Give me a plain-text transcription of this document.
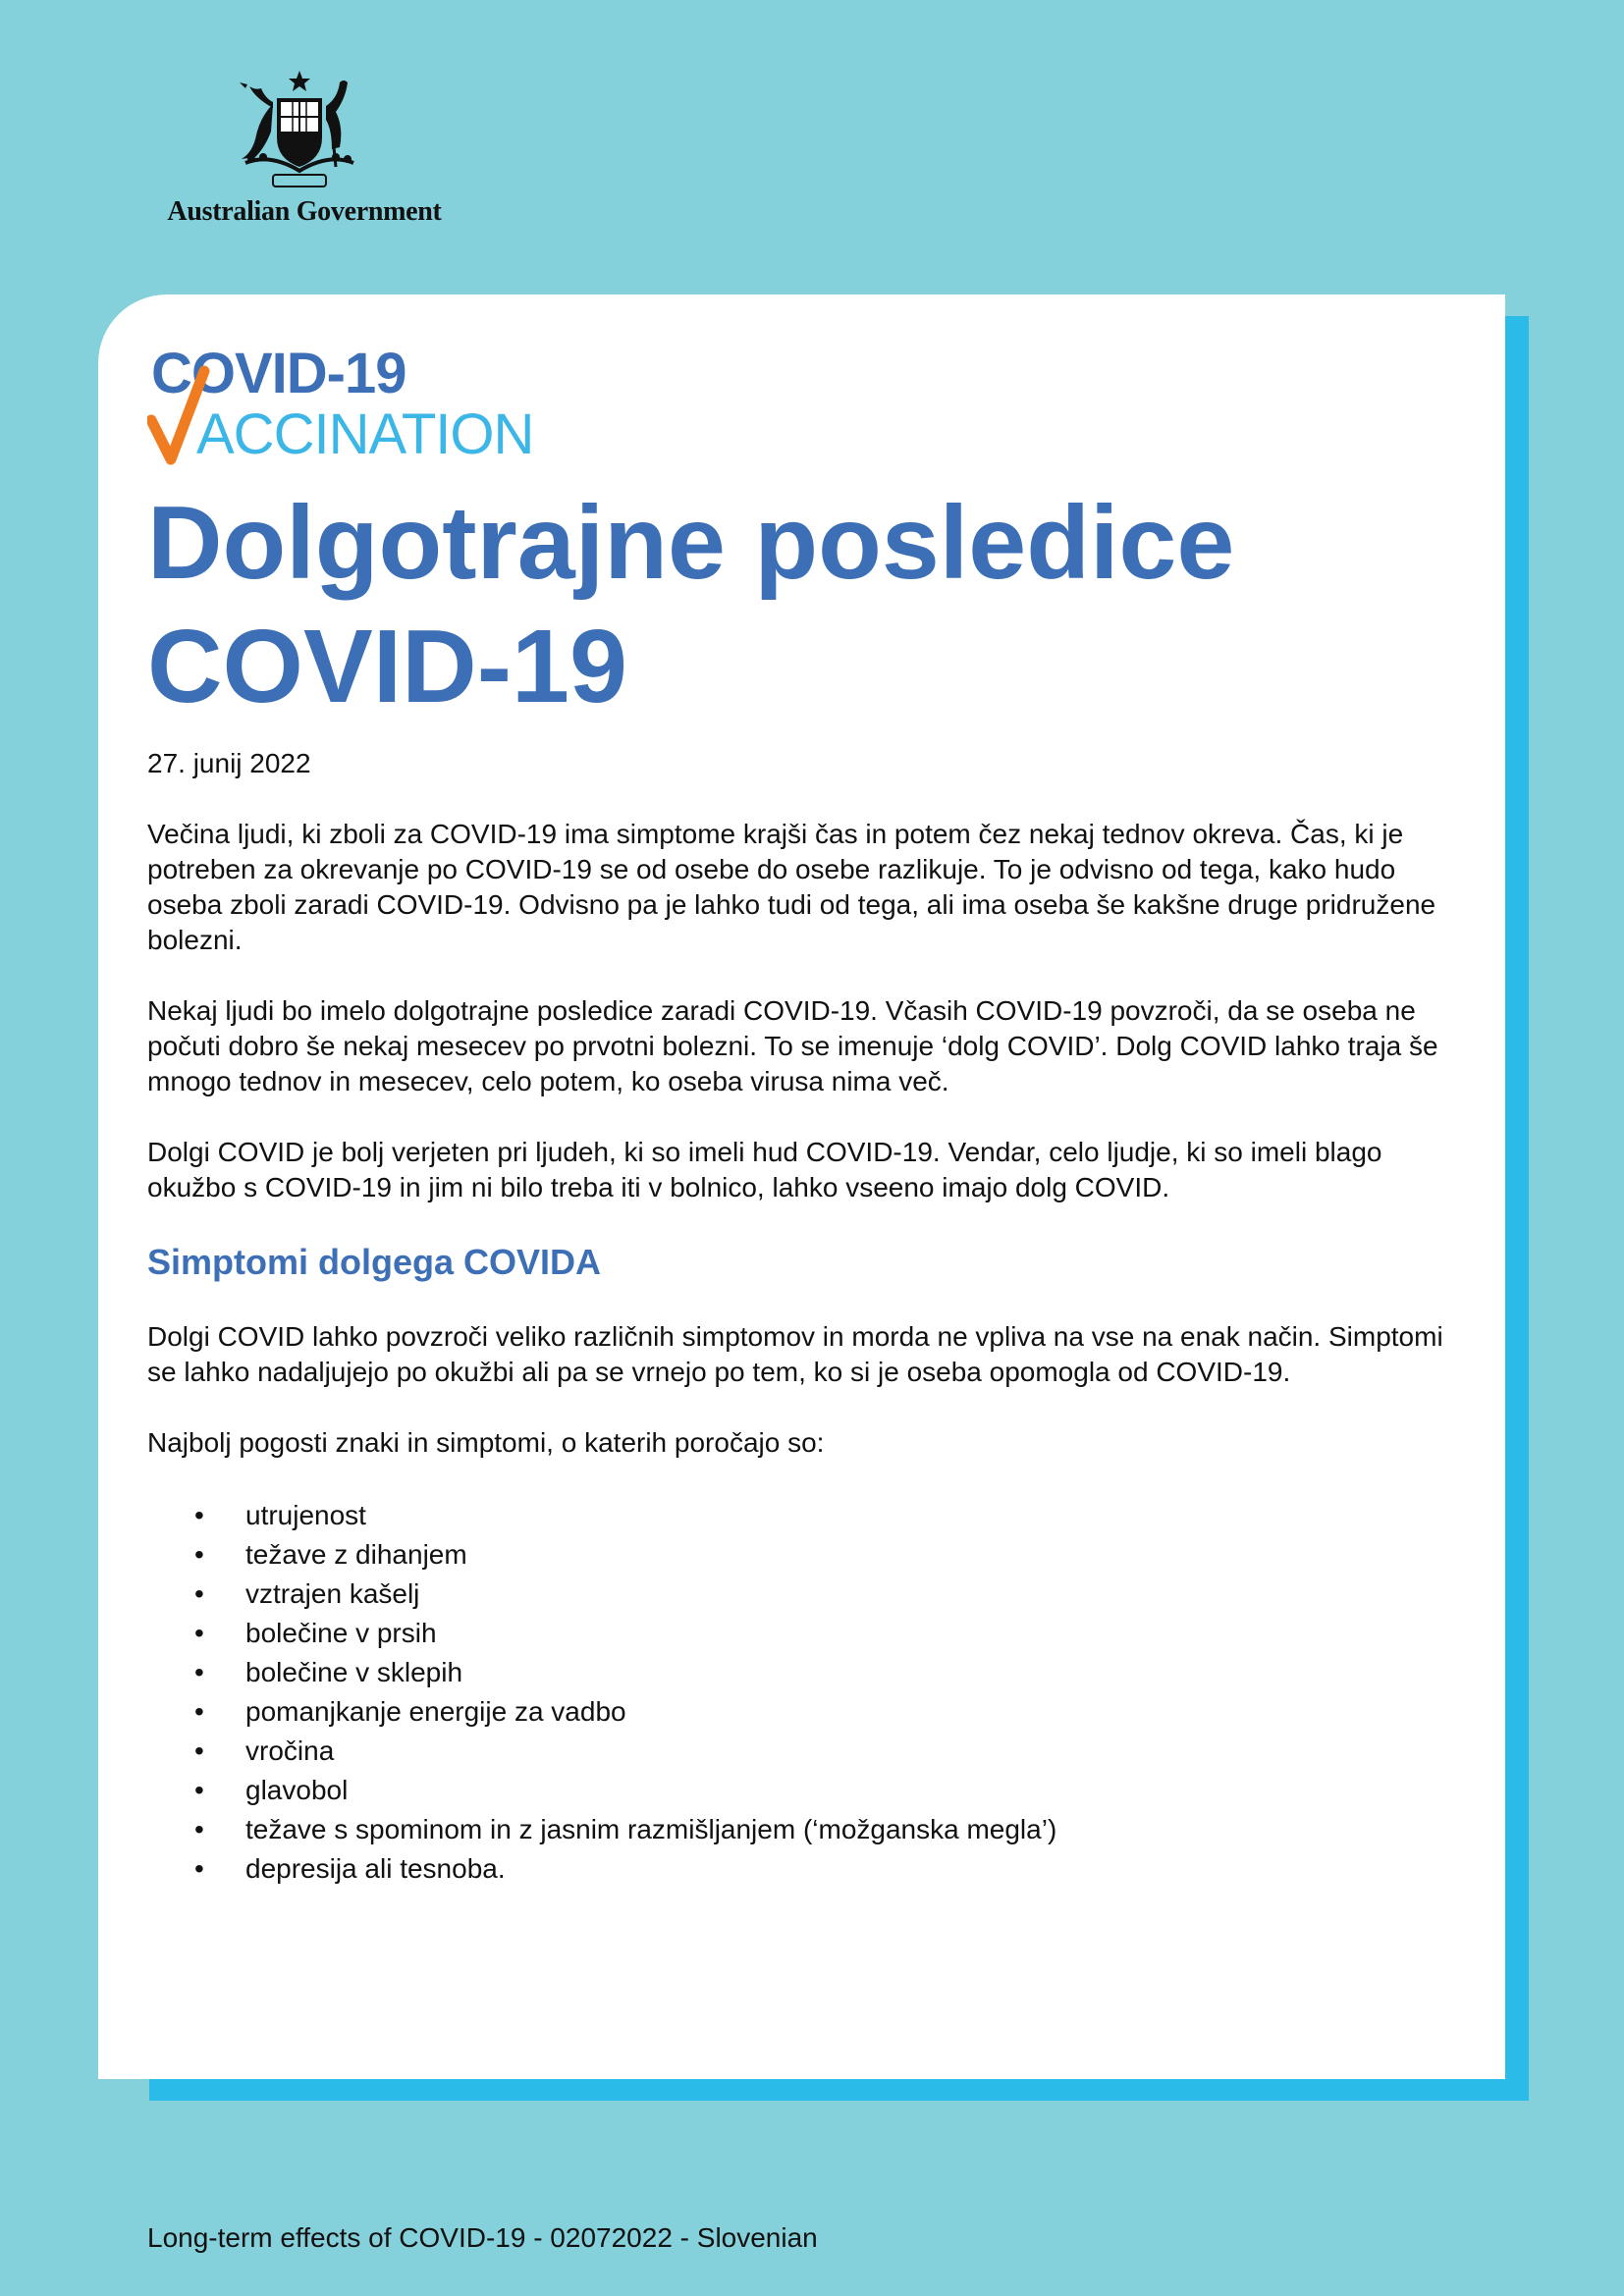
Australian Government
COVID-19
ACCINATION
Dolgotrajne posledice COVID-19

27. junij 2022

Večina ljudi, ki zboli za COVID-19 ima simptome krajši čas in potem čez nekaj tednov okreva. Čas, ki je potreben za okrevanje po COVID-19 se od osebe do osebe razlikuje. To je odvisno od tega, kako hudo oseba zboli zaradi COVID-19. Odvisno pa je lahko tudi od tega, ali ima oseba še kakšne druge pridružene bolezni.

Nekaj ljudi bo imelo dolgotrajne posledice zaradi COVID-19. Včasih COVID-19 povzroči, da se oseba ne počuti dobro še nekaj mesecev po prvotni bolezni. To se imenuje ‘dolg COVID’. Dolg COVID lahko traja še mnogo tednov in mesecev, celo potem, ko oseba virusa nima več.

Dolgi COVID je bolj verjeten pri ljudeh, ki so imeli hud COVID-19. Vendar, celo ljudje, ki so imeli blago okužbo s COVID-19 in jim ni bilo treba iti v bolnico, lahko vseeno imajo dolg COVID.

Simptomi dolgega COVIDA

Dolgi COVID lahko povzroči veliko različnih simptomov in morda ne vpliva na vse na enak način. Simptomi se lahko nadaljujejo po okužbi ali pa se vrnejo po tem, ko si je oseba opomogla od COVID-19.

Najbolj pogosti znaki in simptomi, o katerih poročajo so:

• utrujenost
• težave z dihanjem
• vztrajen kašelj
• bolečine v prsih
• bolečine v sklepih
• pomanjkanje energije za vadbo
• vročina
• glavobol
• težave s spominom in z jasnim razmišljanjem (‘možganska megla’)
• depresija ali tesnoba.
Long-term effects of COVID-19 - 02072022 - Slovenian
